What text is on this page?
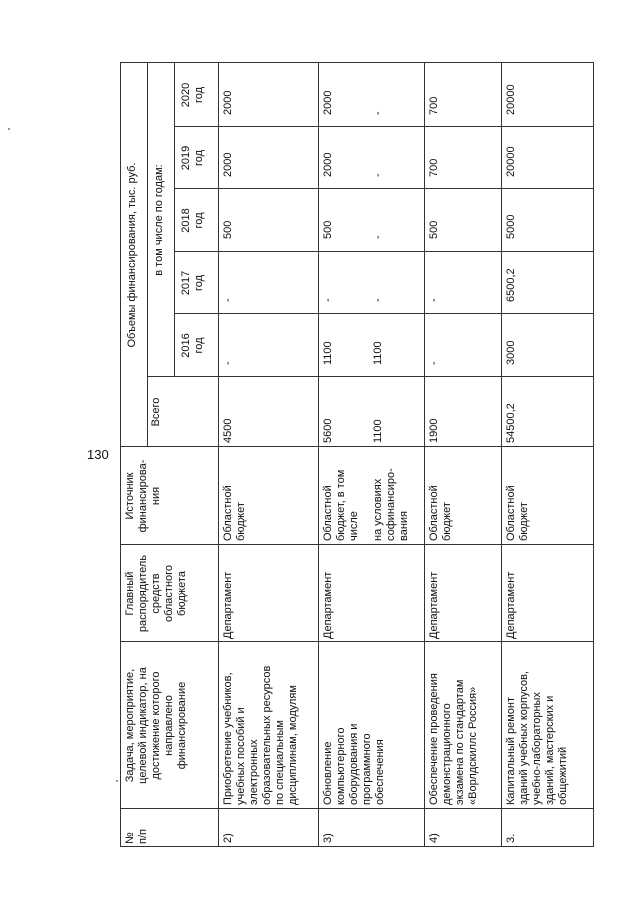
130
№
п/п
Задача, мероприятие,
целевой индикатор, на
достижение которого
направлено
финансирование
Главный
распорядитель
средств
областного
бюджета
Источник
финансирова-
ния
Объемы финансирования, тыс. руб. в том числе по годам:
Всего
2016
год
2017
год
2018
год
2019
год
2020
год
2)
Приобретение учебников,
учебных пособий и
электронных
образовательных ресурсов
по специальным
дисциплинам, модулям
Департамент
Областной
бюджет
4500
-
-
500
2000
2000
3)
Обновление
компьютерного
оборудования и
программного
обеспечения
Департамент
Областной
бюджет, в том
числе
5600
1100
-
500
2000
2000
на условиях
софинансиро-
вания
1100
1100
-
-
-
-
4)
Обеспечение проведения
демонстрационного
экзамена по стандартам
«Ворлдскиллс Россия»
Департамент
Областной
бюджет
1900
-
-
500
700
700
3.
Капитальный ремонт
зданий учебных корпусов,
учебно-лабораторных
зданий, мастерских и
общежитий
Департамент
Областной
бюджет
54500,2
3000
6500,2
5000
20000
20000
